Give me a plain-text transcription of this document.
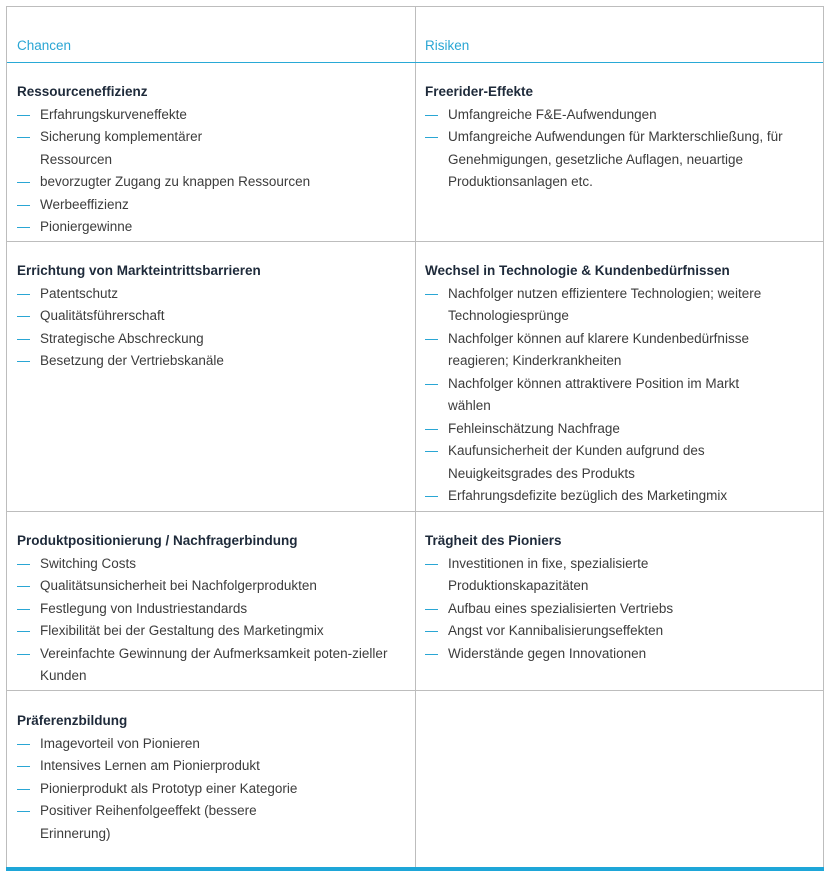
Chancen	Risiken
Ressourceneffizienz
Erfahrungskurveneffekte
Sicherung komplementärer Ressourcen
bevorzugter Zugang zu knappen Ressourcen
Werbeeffizienz
Pioniergewinne
Freerider-Effekte
Umfangreiche F&E-Aufwendungen
Umfangreiche Aufwendungen für Markterschließung, für Genehmigungen, gesetzliche Auflagen, neuartige Produktionsanlagen etc.
Errichtung von Markteintrittsbarrieren
Patentschutz
Qualitätsführerschaft
Strategische Abschreckung
Besetzung der Vertriebskanäle
Wechsel in Technologie & Kundenbedürfnissen
Nachfolger nutzen effizientere Technologien; weitere Technologiesprünge
Nachfolger können auf klarere Kundenbedürfnisse reagieren; Kinderkrankheiten
Nachfolger können attraktivere Position im Markt wählen
Fehleinschätzung Nachfrage
Kaufunsicherheit der Kunden aufgrund des Neuigkeitsgrades des Produkts
Erfahrungsdefizite bezüglich des Marketingmix
Produktpositionierung / Nachfragerbindung
Switching Costs
Qualitätsunsicherheit bei Nachfolgerprodukten
Festlegung von Industriestandards
Flexibilität bei der Gestaltung des Marketingmix
Vereinfachte Gewinnung der Aufmerksamkeit poten-zieller Kunden
Trägheit des Pioniers
Investitionen in fixe, spezialisierte Produktionskapazitäten
Aufbau eines spezialisierten Vertriebs
Angst vor Kannibalisierungseffekten
Widerstände gegen Innovationen
Präferenzbildung
Imagevorteil von Pionieren
Intensives Lernen am Pionierprodukt
Pionierprodukt als Prototyp einer Kategorie
Positiver Reihenfolgeeffekt (bessere Erinnerung)
